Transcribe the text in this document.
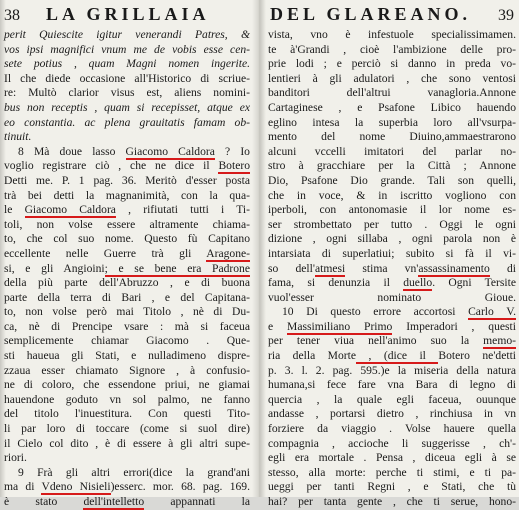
38 LA GRILLAIA	DEL GLAREANO. 39
perit Quiescite igitur venerandi Patres, &
vos ipsi magnifici vnum me de vobis esse cen-
sete potius , quam Magni nomen ingerite.
Il che diede occasione all'Historico di scriue-
re: Multò clarior visus est, aliens nomini-
bus non receptis , quam si recepisset, atque ex
eo constantia. ac plena grauitatis famam ob-
tinuit.
8 Mà doue lasso Giacomo Caldora ? Io
voglio registrare ciò , che ne dice il Botero
Detti me. P. 1 pag. 36. Meritò d'esser posta
trà bei detti la magnanimità, con la qua-
le Giacomo Caldora , rifiutati tutti i Ti-
toli, non volse essere altramente chiama-
to, che col suo nome. Questo fù Capitano
eccellente nelle Guerre trà gli Aragone-
si, e gli Angioini; e se bene era Padrone
della più parte dell'Abruzzo , e di buona
parte della terra di Bari , e del Capitana-
to, non volse però mai Titolo , nè di Du-
ca, nè di Prencipe vsare : mà si faceua
semplicemente chiamar Giacomo . Que-
sti haueua gli Stati, e nulladimeno dispre-
zzaua esser chiamato Signore , à confusio-
ne di coloro, che essendone priui, ne giamai
hauendone goduto vn sol palmo, ne fanno
del titolo l'inuestitura. Con questi Tito-
li par loro di toccare (come si suol dire)
il Cielo col dito , è di essere à gli altri supe-
riori.
9 Frà gli altri errori(dice la grand'ani
ma di Vdeno Nisieli)esserc. mor. 68. pag. 169.
è stato dell'intelletto appannati la
vista, vno è infestuole specialissimamen.
te à'Grandi , cioè l'ambizione delle pro-
prie lodi ; e perciò si danno in preda vo-
lentieri à gli adulatori , che sono ventosi
banditori dell'altrui vanagloria.Annone
Cartaginese , e Psafone Libico hauendo
eglino intesa la superbia loro all'vsurpa-
mento del nome Diuino,ammaestrarono
alcuni vccelli imitatori del parlar no-
stro à gracchiare per la Città ; Annone
Dio, Psafone Dio grande. Tali son quelli,
che in voce, & in iscritto vogliono con
iperboli, con antonomasie il lor nome es-
ser strombettato per tutto . Oggi le ogni
dizione , ogni sillaba , ogni parola non è
intarsiata di superlatiui; subito si fà il vi-
so dell'atmesi stima vn'assassinamento di
fama, si denunzia il duello. Ogni Tersite
vuol'esser nominato Gioue.
10 Di questo errore accortosi Carlo V.
e Massimiliano Primo Imperadori , questi
per tener viua nell'animo suo la memo-
ria della Morte , (dice il Botero ne'detti
p. 3. l. 2. pag. 595.)e la miseria della natura
humana,si fece fare vna Bara di legno di
quercia , la quale egli faceua, ouunque
andasse , portarsi dietro , rinchiusa in vn
forziere da viaggio . Volse hauere quella
compagnia , accioche li suggerisse , ch'-
egli era mortale . Pensa , diceua egli à se
stesso, alla morte: perche ti stimi, e ti pa-
ueggi per tanti Regni , e Stati, che tù
hai? per tanta gente , che ti serue, hono-
